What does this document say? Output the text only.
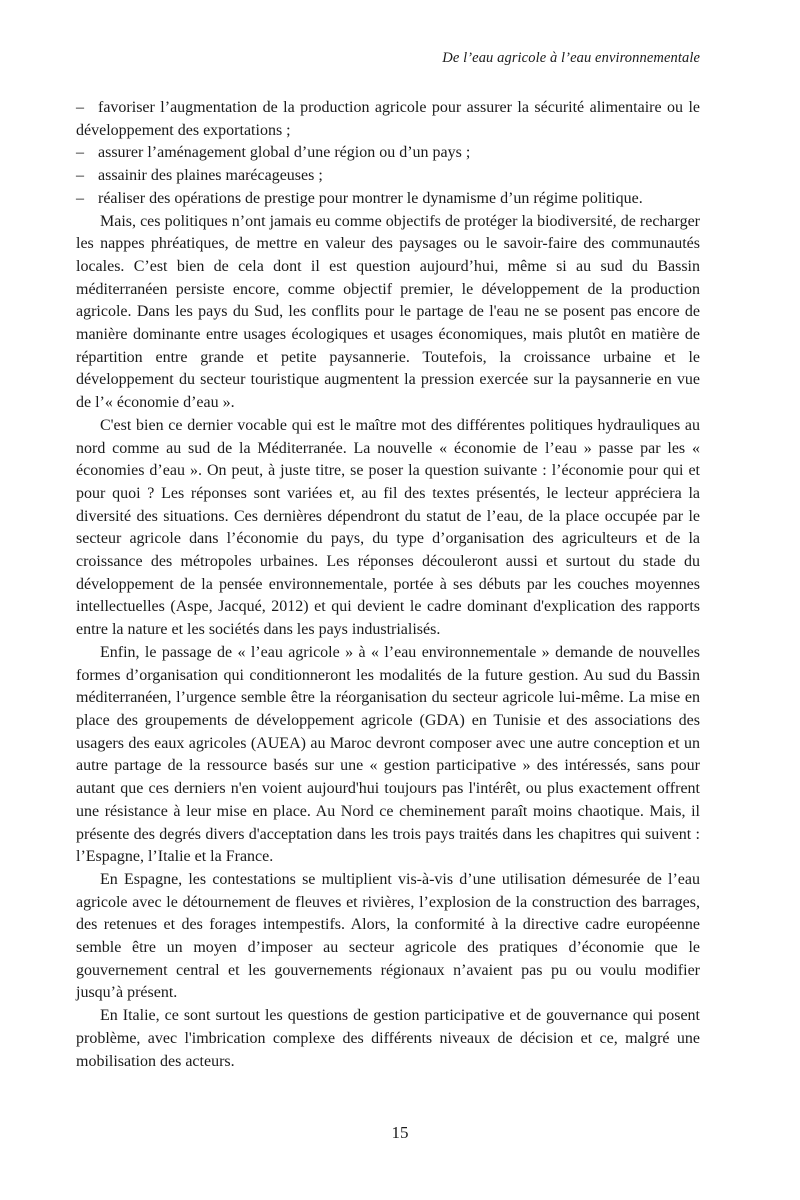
De l’eau agricole à l’eau environnementale

– favoriser l’augmentation de la production agricole pour assurer la sécurité alimentaire ou le développement des exportations ;

– assurer l’aménagement global d’une région ou d’un pays ;

– assainir des plaines marécageuses ;

– réaliser des opérations de prestige pour montrer le dynamisme d’un régime politique.

Mais, ces politiques n’ont jamais eu comme objectifs de protéger la biodiversité, de recharger les nappes phréatiques, de mettre en valeur des paysages ou le savoir-faire des communautés locales. C’est bien de cela dont il est question aujourd’hui, même si au sud du Bassin méditerranéen persiste encore, comme objectif premier, le développement de la production agricole. Dans les pays du Sud, les conflits pour le partage de l'eau ne se posent pas encore de manière dominante entre usages écologiques et usages économiques, mais plutôt en matière de répartition entre grande et petite paysannerie. Toutefois, la croissance urbaine et le développement du secteur touristique augmentent la pression exercée sur la paysannerie en vue de l’« économie d’eau ».

C'est bien ce dernier vocable qui est le maître mot des différentes politiques hydrauliques au nord comme au sud de la Méditerranée. La nouvelle « économie de l’eau » passe par les « économies d’eau ». On peut, à juste titre, se poser la question suivante : l’économie pour qui et pour quoi ? Les réponses sont variées et, au fil des textes présentés, le lecteur appréciera la diversité des situations. Ces dernières dépendront du statut de l’eau, de la place occupée par le secteur agricole dans l’économie du pays, du type d’organisation des agriculteurs et de la croissance des métropoles urbaines. Les réponses découleront aussi et surtout du stade du développement de la pensée environnementale, portée à ses débuts par les couches moyennes intellectuelles (Aspe, Jacqué, 2012) et qui devient le cadre dominant d'explication des rapports entre la nature et les sociétés dans les pays industrialisés.

Enfin, le passage de « l’eau agricole » à « l’eau environnementale » demande de nouvelles formes d’organisation qui conditionneront les modalités de la future gestion. Au sud du Bassin méditerranéen, l’urgence semble être la réorganisation du secteur agricole lui-même. La mise en place des groupements de développement agricole (GDA) en Tunisie et des associations des usagers des eaux agricoles (AUEA) au Maroc devront composer avec une autre conception et un autre partage de la ressource basés sur une « gestion participative » des intéressés, sans pour autant que ces derniers n'en voient aujourd'hui toujours pas l'intérêt, ou plus exactement offrent une résistance à leur mise en place. Au Nord ce cheminement paraît moins chaotique. Mais, il présente des degrés divers d'acceptation dans les trois pays traités dans les chapitres qui suivent : l’Espagne, l’Italie et la France.

En Espagne, les contestations se multiplient vis-à-vis d’une utilisation démesurée de l’eau agricole avec le détournement de fleuves et rivières, l’explosion de la construction des barrages, des retenues et des forages intempestifs. Alors, la conformité à la directive cadre européenne semble être un moyen d’imposer au secteur agricole des pratiques d’économie que le gouvernement central et les gouvernements régionaux n’avaient pas pu ou voulu modifier jusqu’à présent.

En Italie, ce sont surtout les questions de gestion participative et de gouvernance qui posent problème, avec l'imbrication complexe des différents niveaux de décision et ce, malgré une mobilisation des acteurs.

15
